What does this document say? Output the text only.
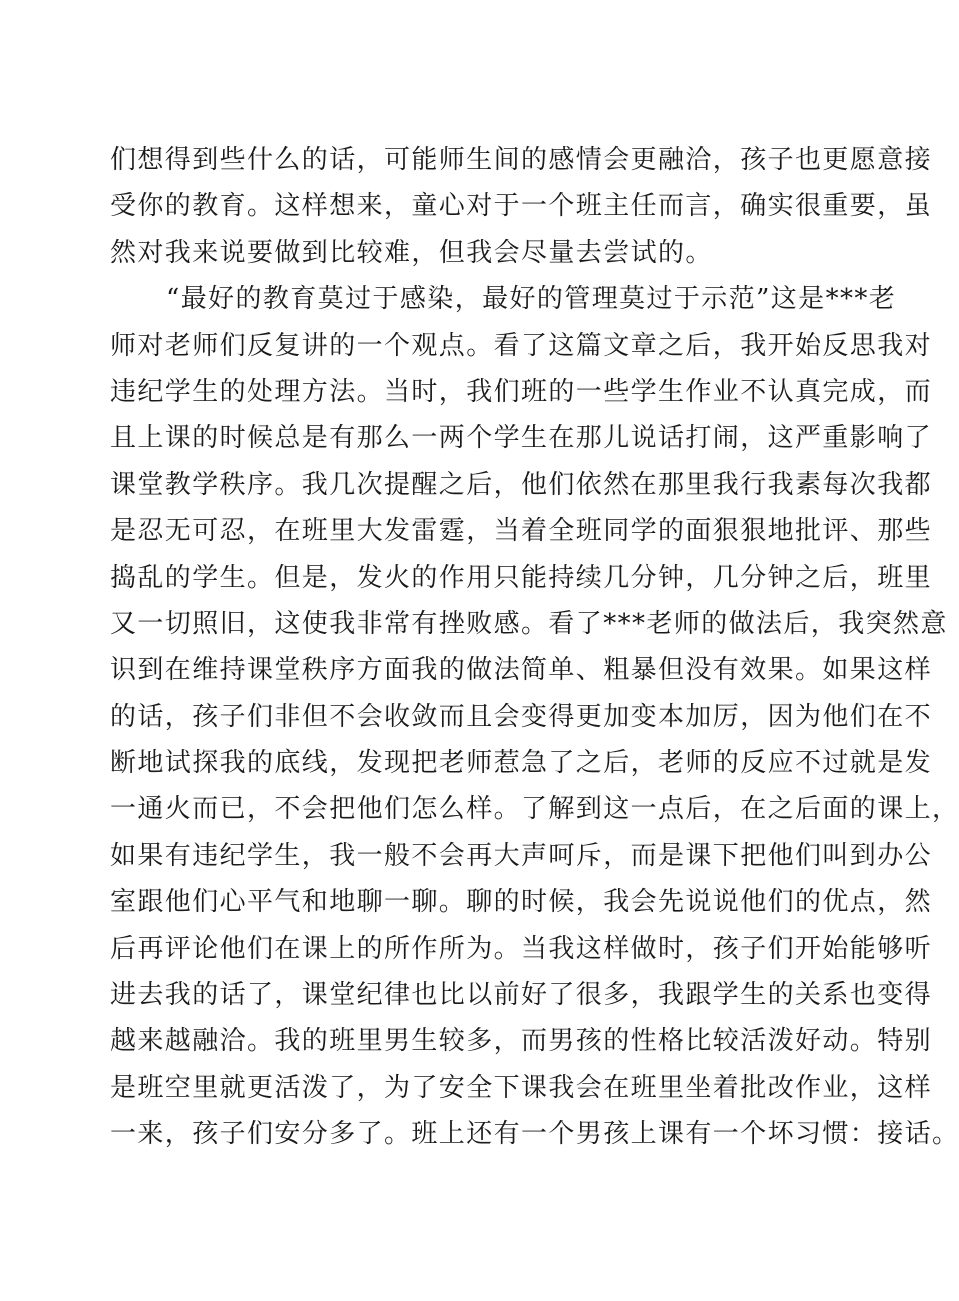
们想得到些什么的话，可能师生间的感情会更融洽，孩子也更愿意接
受你的教育。这样想来，童心对于一个班主任而言，确实很重要，虽
然对我来说要做到比较难，但我会尽量去尝试的。
“最好的教育莫过于感染，最好的管理莫过于示范”这是***老
师对老师们反复讲的一个观点。看了这篇文章之后，我开始反思我对
违纪学生的处理方法。当时，我们班的一些学生作业不认真完成，而
且上课的时候总是有那么一两个学生在那儿说话打闹，这严重影响了
课堂教学秩序。我几次提醒之后，他们依然在那里我行我素每次我都
是忍无可忍，在班里大发雷霆，当着全班同学的面狠狠地批评、那些
捣乱的学生。但是，发火的作用只能持续几分钟，几分钟之后，班里
又一切照旧，这使我非常有挫败感。看了***老师的做法后，我突然意
识到在维持课堂秩序方面我的做法简单、粗暴但没有效果。如果这样
的话，孩子们非但不会收敛而且会变得更加变本加厉，因为他们在不
断地试探我的底线，发现把老师惹急了之后，老师的反应不过就是发
一通火而已，不会把他们怎么样。了解到这一点后，在之后面的课上，
如果有违纪学生，我一般不会再大声呵斥，而是课下把他们叫到办公
室跟他们心平气和地聊一聊。聊的时候，我会先说说他们的优点，然
后再评论他们在课上的所作所为。当我这样做时，孩子们开始能够听
进去我的话了，课堂纪律也比以前好了很多，我跟学生的关系也变得
越来越融洽。我的班里男生较多，而男孩的性格比较活泼好动。特别
是班空里就更活泼了，为了安全下课我会在班里坐着批改作业，这样
一来，孩子们安分多了。班上还有一个男孩上课有一个坏习惯：接话。
